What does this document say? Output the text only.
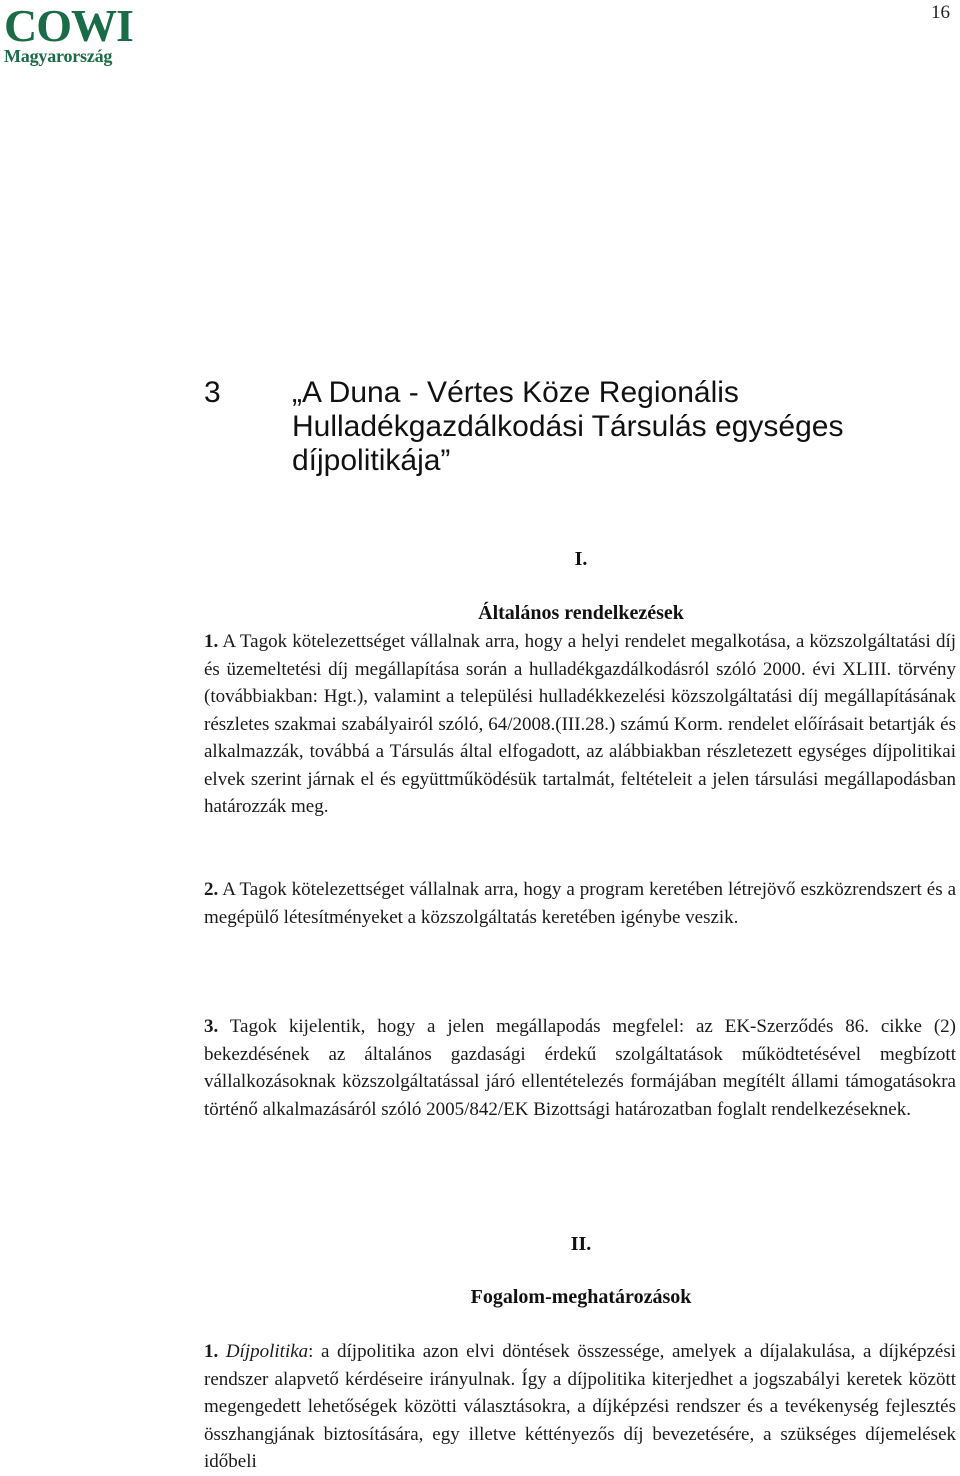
COWI
Magyarország
16
3 „A Duna - Vértes Köze Regionális Hulladékgazdálkodási Társulás egységes díjpolitikája”
I.
Általános rendelkezések

1. A Tagok kötelezettséget vállalnak arra, hogy a helyi rendelet megalkotása, a közszolgáltatási díj és üzemeltetési díj megállapítása során a hulladékgazdálkodásról szóló 2000. évi XLIII. törvény (továbbiakban: Hgt.), valamint a települési hulladékkezelési közszolgáltatási díj megállapításának részletes szakmai szabályairól szóló, 64/2008.(III.28.) számú Korm. rendelet előírásait betartják és alkalmazzák, továbbá a Társulás által elfogadott, az alábbiakban részletezett egységes díjpolitikai elvek szerint járnak el és együttműködésük tartalmát, feltételeit a jelen társulási megállapodásban határozzák meg.

2. A Tagok kötelezettséget vállalnak arra, hogy a program keretében létrejövő eszközrendszert és a megépülő létesítményeket a közszolgáltatás keretében igénybe veszik.

3. Tagok kijelentik, hogy a jelen megállapodás megfelel: az EK-Szerződés 86. cikke (2) bekezdésének az általános gazdasági érdekű szolgáltatások működtetésével megbízott vállalkozásoknak közszolgáltatással járó ellentételezés formájában megítélt állami támogatásokra történő alkalmazásáról szóló 2005/842/EK Bizottsági határozatban foglalt rendelkezéseknek.

II.
Fogalom-meghatározások

1. Díjpolitika: a díjpolitika azon elvi döntések összessége, amelyek a díjalakulása, a díjképzési rendszer alapvető kérdéseire irányulnak. Így a díjpolitika kiterjedhet a jogszabályi keretek között megengedett lehetőségek közötti választásokra, a díjképzési rendszer és a tevékenység fejlesztés összhangjának biztosítására, egy illetve kéttényezős díj bevezetésére, a szükséges díjemelések időbeli
